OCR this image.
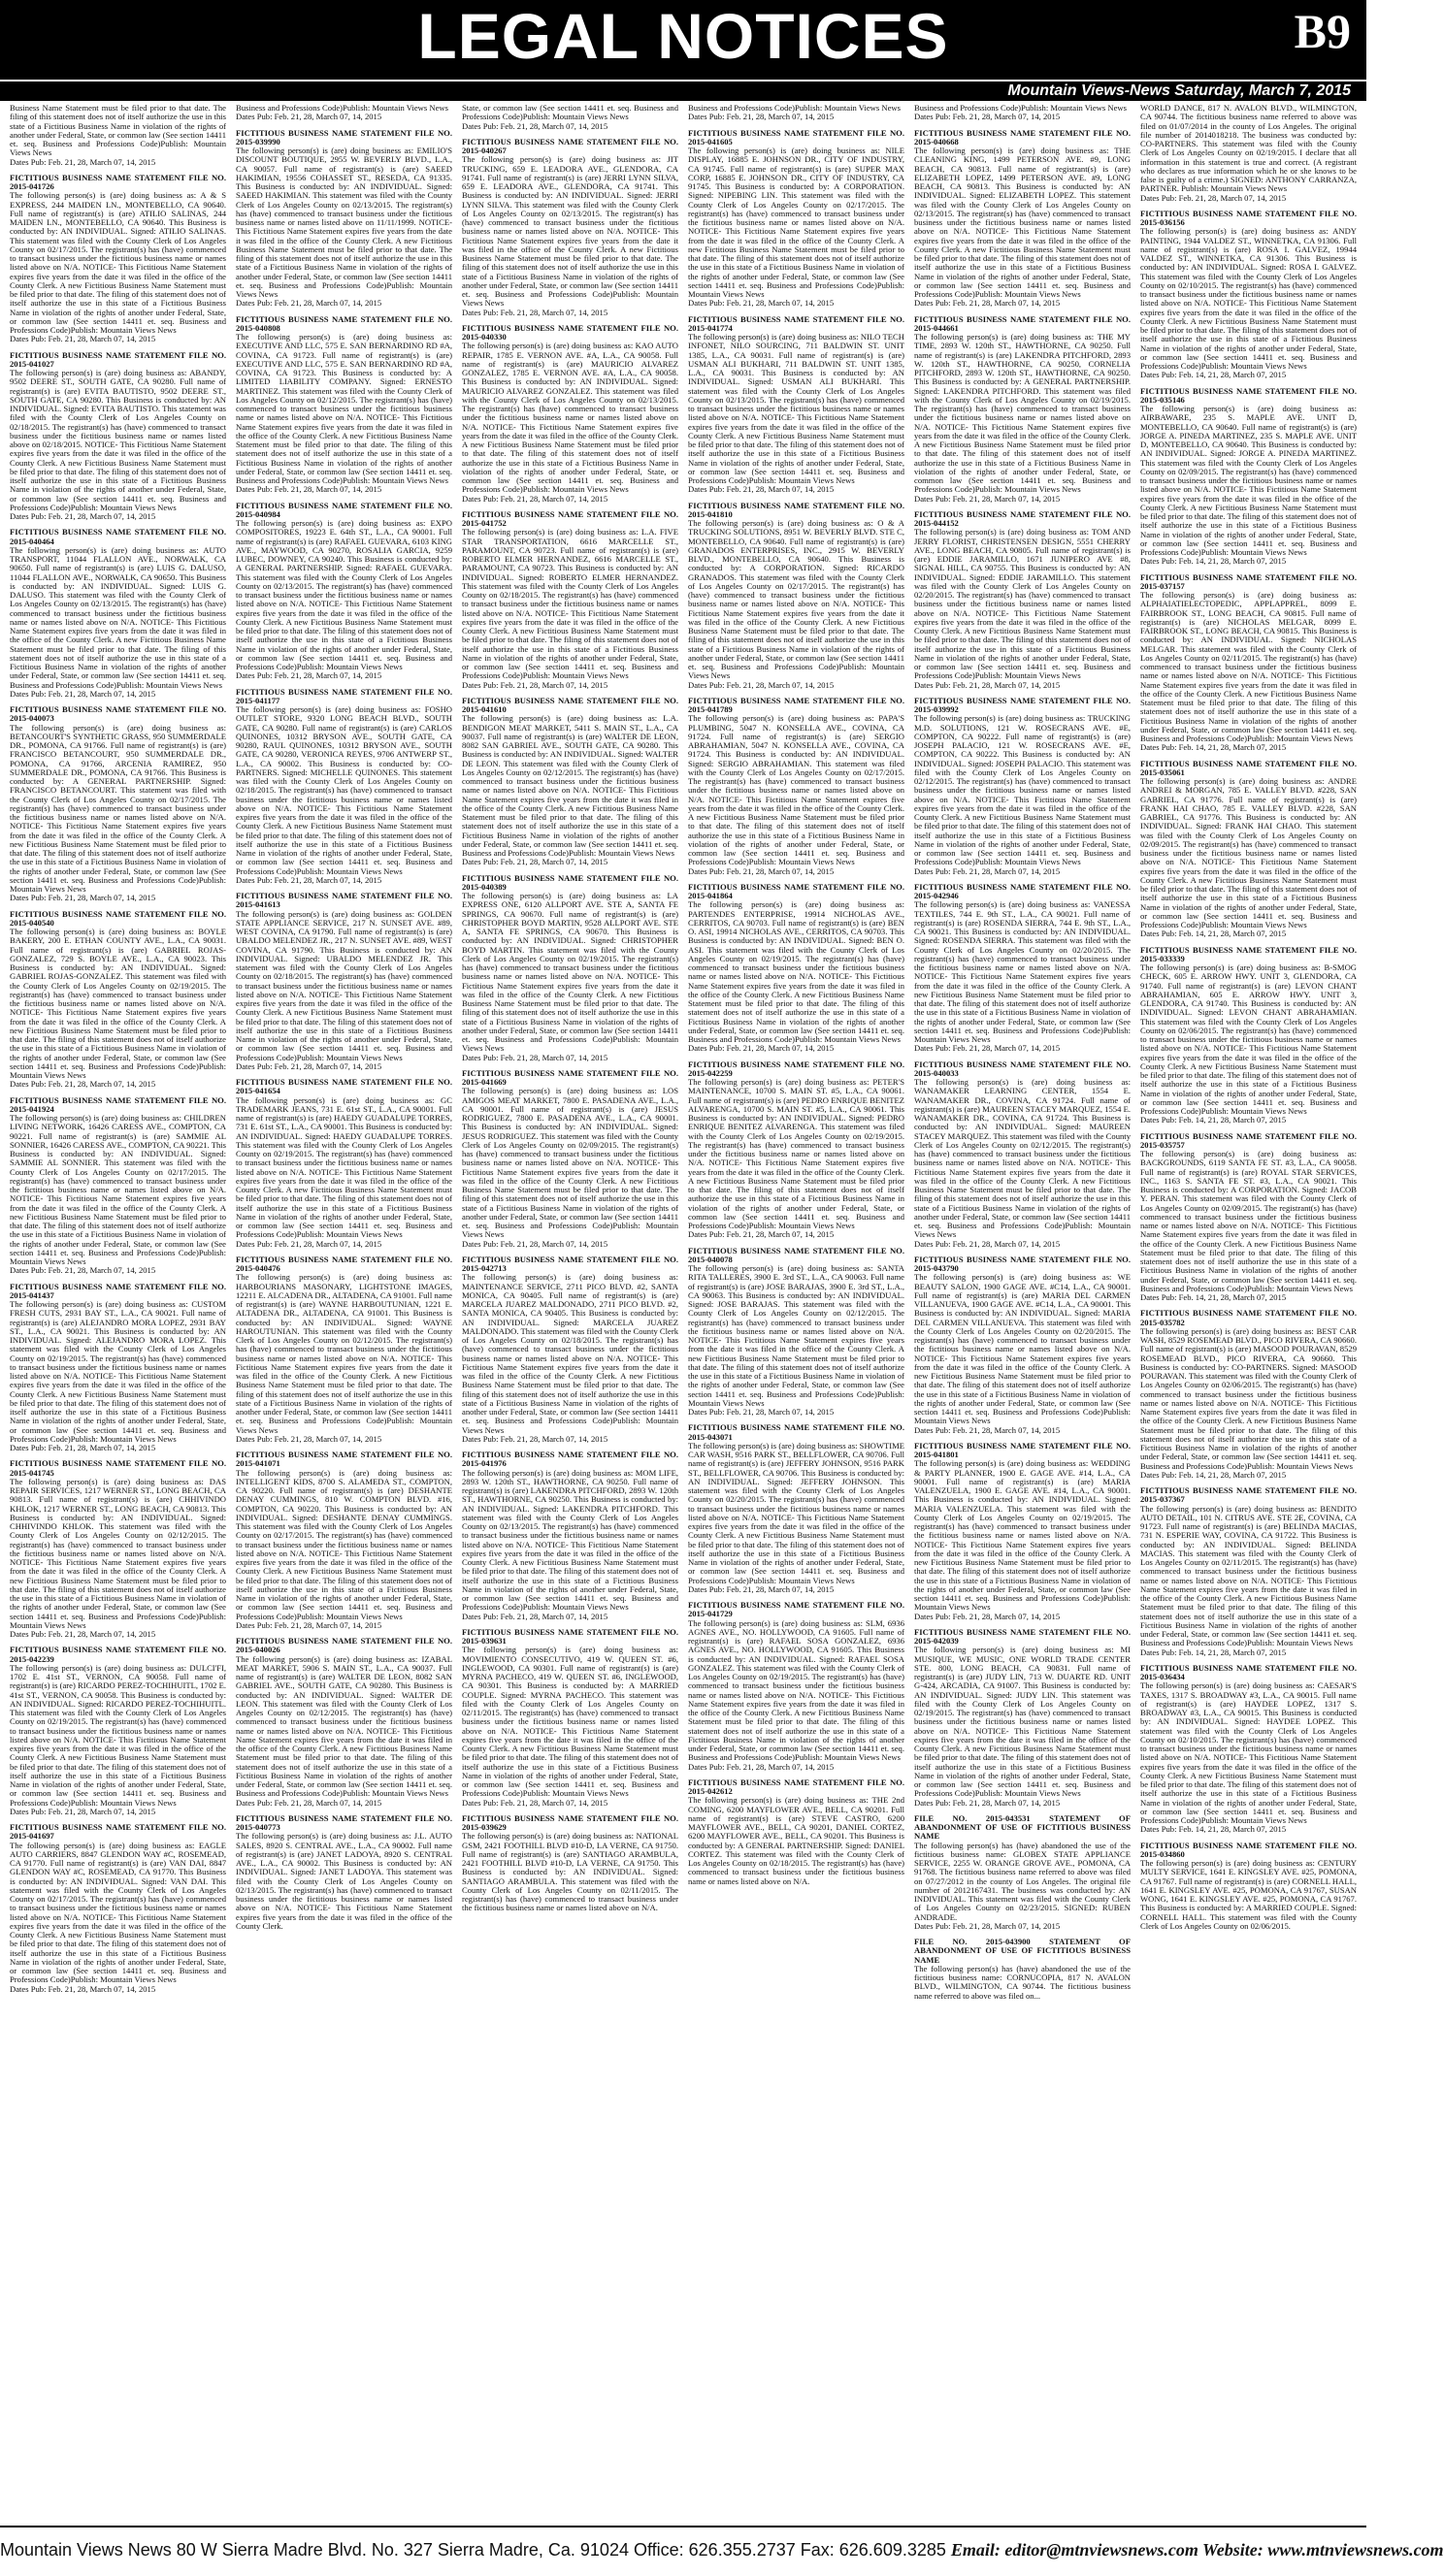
LEGAL NOTICES	B9
Mountain Views-News Saturday, March 7, 2015
Business Name Statement must be filed prior to that date. The filing of this statement does not of itself authorize the use in this state of a Fictitious Business Name in violation of the rights of another under Federal, State, or common law (See section 14411 et. seq. Business and Professions Code)Publish: Mountain Views News
Dates Pub: Feb. 21, 28, March 07, 14, 2015
FICTITIOUS BUSINESS NAME STATEMENT FILE NO. 2015-041726
The following person(s) is (are) doing business as: A & S EXPRESS, 244 MAIDEN LN., MONTEBELLO, CA 90640. Full name of registrant(s) is (are) ATILIO SALINAS, 244 MAIDEN LN., MONTEBELLO, CA 90640. This Business is conducted by: AN INDIVIDUAL. Signed: ATILIO SALINAS. This statement was filed with the County Clerk of Los Angeles County on 02/17/2015. The registrant(s) has (have) commenced to transact business under the fictitious business name or names listed above on N/A. NOTICE- This Fictitious Name Statement expires five years from the date it was filed in the office of the County Clerk. A new Fictitious Business Name Statement must be filed prior to that date. The filing of this statement does not of itself authorize the use in this state of a Fictitious Business Name in violation of the rights of another under Federal, State, or common law (See section 14411 et. seq. Business and Professions Code)Publish: Mountain Views News
Dates Pub: Feb. 21, 28, March 07, 14, 2015
FICTITIOUS BUSINESS NAME STATEMENT FILE NO. 2015-041027
The following person(s) is (are) doing business as: ABANDY, 9502 DEERE ST., SOUTH GATE, CA 90280. Full name of registrant(s) is (are) EVITA BAUTISTO, 9502 DEERE ST., SOUTH GATE, CA 90280. This Business is conducted by: AN INDIVIDUAL. Signed: EVITA BAUTISTO. This statement was filed with the County Clerk of Los Angeles County on 02/18/2015. The registrant(s) has (have) commenced to transact business under the fictitious business name or names listed above on 02/18/2015. NOTICE- This Fictitious Name Statement expires five years from the date it was filed in the office of the County Clerk. A new Fictitious Business Name Statement must be filed prior to that date. The filing of this statement does not of itself authorize the use in this state of a Fictitious Business Name in violation of the rights of another under Federal, State, or common law (See section 14411 et. seq. Business and Professions Code)Publish: Mountain Views News
Dates Pub: Feb. 21, 28, March 07, 14, 2015
FICTITIOUS BUSINESS NAME STATEMENT FILE NO. 2015-040464
The following person(s) is (are) doing business as: AUTO TRANSPORT, 11044 FLALLON AVE., NORWALK, CA 90650. Full name of registrant(s) is (are) LUIS G. DALUSO, 11044 FLALLON AVE., NORWALK, CA 90650. This Business is conducted by: AN INDIVIDUAL. Signed: LUIS G. DALUSO. This statement was filed with the County Clerk of Los Angeles County on 02/13/2015. The registrant(s) has (have) commenced to transact business under the fictitious business name or names listed above on N/A. NOTICE- This Fictitious Name Statement expires five years from the date it was filed in the office of the County Clerk. A new Fictitious Business Name Statement must be filed prior to that date. The filing of this statement does not of itself authorize the use in this state of a Fictitious Business Name in violation of the rights of another under Federal, State, or common law (See section 14411 et. seq. Business and Professions Code)Publish: Mountain Views News
Dates Pub: Feb. 21, 28, March 07, 14, 2015
FICTITIOUS BUSINESS NAME STATEMENT FILE NO. 2015-040073
The following person(s) is (are) doing business as: BETANCOURT'S SYNTHETIC GRASS, 950 SUMMERDALE DR., POMONA, CA 91766. Full name of registrant(s) is (are) FRANCISCO BETANCOURT, 950 SUMMERDALE DR., POMONA, CA 91766, ARCENIA RAMIREZ, 950 SUMMERDALE DR., POMONA, CA 91766. This Business is conducted by: A GENERAL PARTNERSHIP. Signed: FRANCISCO BETANCOURT. This statement was filed with the County Clerk of Los Angeles County on 02/17/2015. The registrant(s) has (have) commenced to transact business under the fictitious business name or names listed above on N/A. NOTICE- This Fictitious Name Statement expires five years from the date it was filed in the office of the County Clerk. A new Fictitious Business Name Statement must be filed prior to that date. The filing of this statement does not of itself authorize the use in this state of a Fictitious Business Name in violation of the rights of another under Federal, State, or common law (See section 14411 et. seq. Business and Professions Code)Publish: Mountain Views News
Dates Pub: Feb. 21, 28, March 07, 14, 2015
FICTITIOUS BUSINESS NAME STATEMENT FILE NO. 2015-040540
The following person(s) is (are) doing business as: BOYLE BAKERY, 200 E. ETHAN COUNTY AVE., L.A., CA 90031. Full name of registrant(s) is (are) GABRIEL ROJAS-GONZALEZ, 729 S. BOYLE AVE., L.A., CA 90023. This Business is conducted by: AN INDIVIDUAL. Signed: GABRIEL ROJAS-GONZALEZ. This statement was filed with the County Clerk of Los Angeles County on 02/19/2015. The registrant(s) has (have) commenced to transact business under the fictitious business name or names listed above on N/A. NOTICE- This Fictitious Name Statement expires five years from the date it was filed in the office of the County Clerk. A new Fictitious Business Name Statement must be filed prior to that date. The filing of this statement does not of itself authorize the use in this state of a Fictitious Business Name in violation of the rights of another under Federal, State, or common law (See section 14411 et. seq. Business and Professions Code)Publish: Mountain Views News
Dates Pub: Feb. 21, 28, March 07, 14, 2015
FICTITIOUS BUSINESS NAME STATEMENT FILE NO. 2015-041924
The following person(s) is (are) doing business as: CHILDREN LIVING NETWORK, 16426 CARESS AVE., COMPTON, CA 90221. Full name of registrant(s) is (are) SAMMIE AL SONNIER, 16426 CARESS AVE., COMPTON, CA 90221. This Business is conducted by: AN INDIVIDUAL. Signed: SAMMIE AL SONNIER. This statement was filed with the County Clerk of Los Angeles County on 02/17/2015. The registrant(s) has (have) commenced to transact business under the fictitious business name or names listed above on N/A. NOTICE- This Fictitious Name Statement expires five years from the date it was filed in the office of the County Clerk. A new Fictitious Business Name Statement must be filed prior to that date. The filing of this statement does not of itself authorize the use in this state of a Fictitious Business Name in violation of the rights of another under Federal, State, or common law (See section 14411 et. seq. Business and Professions Code)Publish: Mountain Views News
Dates Pub: Feb. 21, 28, March 07, 14, 2015
FICTITIOUS BUSINESS NAME STATEMENT FILE NO. 2015-041437
The following person(s) is (are) doing business as: CUSTOM FRESH CUTS, 2931 BAY ST., L.A., CA 90021. Full name of registrant(s) is (are) ALEJANDRO MORA LOPEZ, 2931 BAY ST., L.A., CA 90021. This Business is conducted by: AN INDIVIDUAL. Signed: ALEJANDRO MORA LOPEZ. This statement was filed with the County Clerk of Los Angeles County on 02/19/2015. The registrant(s) has (have) commenced to transact business under the fictitious business name or names listed above on N/A. NOTICE- This Fictitious Name Statement expires five years from the date it was filed in the office of the County Clerk. A new Fictitious Business Name Statement must be filed prior to that date. The filing of this statement does not of itself authorize the use in this state of a Fictitious Business Name in violation of the rights of another under Federal, State, or common law (See section 14411 et. seq. Business and Professions Code)Publish: Mountain Views News
Dates Pub: Feb. 21, 28, March 07, 14, 2015
FICTITIOUS BUSINESS NAME STATEMENT FILE NO. 2015-041745
The following person(s) is (are) doing business as: DAS REPAIR SERVICES, 1217 WERNER ST., LONG BEACH, CA 90813. Full name of registrant(s) is (are) CHHIVINDO KHLOK, 1217 WERNER ST., LONG BEACH, CA 90813. This Business is conducted by: AN INDIVIDUAL. Signed: CHHIVINDO KHLOK. This statement was filed with the County Clerk of Los Angeles County on 02/12/2015. The registrant(s) has (have) commenced to transact business under the fictitious business name or names listed above on N/A. NOTICE- This Fictitious Name Statement expires five years from the date it was filed in the office of the County Clerk. A new Fictitious Business Name Statement must be filed prior to that date. The filing of this statement does not of itself authorize the use in this state of a Fictitious Business Name in violation of the rights of another under Federal, State, or common law (See section 14411 et. seq. Business and Professions Code)Publish: Mountain Views News
Dates Pub: Feb. 21, 28, March 07, 14, 2015
FICTITIOUS BUSINESS NAME STATEMENT FILE NO. 2015-042239
The following person(s) is (are) doing business as: DULCI'FI, 1702 E. 41st ST., VERNON, CA 90058. Full name of registrant(s) is (are) RICARDO PEREZ-TOCHIHUITL, 1702 E. 41st ST., VERNON, CA 90058. This Business is conducted by: AN INDIVIDUAL. Signed: RICARDO PEREZ-TOCHIHUITL. This statement was filed with the County Clerk of Los Angeles County on 02/19/2015. The registrant(s) has (have) commenced to transact business under the fictitious business name or names listed above on N/A. NOTICE- This Fictitious Name Statement expires five years from the date it was filed in the office of the County Clerk. A new Fictitious Business Name Statement must be filed prior to that date. The filing of this statement does not of itself authorize the use in this state of a Fictitious Business Name in violation of the rights of another under Federal, State, or common law (See section 14411 et. seq. Business and Professions Code)Publish: Mountain Views News
Dates Pub: Feb. 21, 28, March 07, 14, 2015
FICTITIOUS BUSINESS NAME STATEMENT FILE NO. 2015-041697
The following person(s) is (are) doing business as: EAGLE AUTO CARRIERS, 8847 GLENDON WAY #C, ROSEMEAD, CA 91770. Full name of registrant(s) is (are) VAN DAI, 8847 GLENDON WAY #C, ROSEMEAD, CA 91770. This Business is conducted by: AN INDIVIDUAL. Signed: VAN DAI. This statement was filed with the County Clerk of Los Angeles County on 02/17/2015. The registrant(s) has (have) commenced to transact business under the fictitious business name or names listed above on N/A. NOTICE- This Fictitious Name Statement expires five years from the date it was filed in the office of the County Clerk. A new Fictitious Business Name Statement must be filed prior to that date. The filing of this statement does not of itself authorize the use in this state of a Fictitious Business Name in violation of the rights of another under Federal, State, or common law (See section 14411 et. seq. Business and Professions Code)Publish: Mountain Views News
Dates Pub: Feb. 21, 28, March 07, 14, 2015
Business and Professions Code)Publish: Mountain Views News
Dates Pub: Feb. 21, 28, March 07, 14, 2015
FICTITIOUS BUSINESS NAME STATEMENT FILE NO. 2015-039990
The following person(s) is (are) doing business as: EMILIO'S DISCOUNT BOUTIQUE, 2955 W. BEVERLY BLVD., L.A., CA 90057. Full name of registrant(s) is (are) SAEED HAKIMIAN, 19556 COHASSET ST., RESEDA, CA 91335. This Business is conducted by: AN INDIVIDUAL. Signed: SAEED HAKIMIAN. This statement was filed with the County Clerk of Los Angeles County on 02/13/2015. The registrant(s) has (have) commenced to transact business under the fictitious business name or names listed above on 11/11/1999. NOTICE- This Fictitious Name Statement expires five years from the date it was filed in the office of the County Clerk. A new Fictitious Business Name Statement must be filed prior to that date. The filing of this statement does not of itself authorize the use in this state of a Fictitious Business Name in violation of the rights of another under Federal, State, or common law (See section 14411 et. seq. Business and Professions Code)Publish: Mountain Views News
Dates Pub: Feb. 21, 28, March 07, 14, 2015
FICTITIOUS BUSINESS NAME STATEMENT FILE NO. 2015-040808
The following person(s) is (are) doing business as: EXECUTIVE AND LLC, 575 E. SAN BERNARDINO RD #A, COVINA, CA 91723. Full name of registrant(s) is (are) EXECUTIVE AND LLC, 575 E. SAN BERNARDINO RD #A, COVINA, CA 91723. This Business is conducted by: A LIMITED LIABILITY COMPANY. Signed: ERNESTO MARTINEZ. This statement was filed with the County Clerk of Los Angeles County on 02/12/2015. The registrant(s) has (have) commenced to transact business under the fictitious business name or names listed above on N/A. NOTICE- This Fictitious Name Statement expires five years from the date it was filed in the office of the County Clerk. A new Fictitious Business Name Statement must be filed prior to that date. The filing of this statement does not of itself authorize the use in this state of a Fictitious Business Name in violation of the rights of another under Federal, State, or common law (See section 14411 et. seq. Business and Professions Code)Publish: Mountain Views News
Dates Pub: Feb. 21, 28, March 07, 14, 2015
FICTITIOUS BUSINESS NAME STATEMENT FILE NO. 2015-040984
The following person(s) is (are) doing business as: EXPO COMPOSITORES, 19223 E. 64th ST., L.A., CA 90001. Full name of registrant(s) is (are) RAFAEL GUEVARA, 6103 KING AVE., MAYWOOD, CA 90270, ROSALIA GARCIA, 9259 LUBEC, DOWNEY, CA 90240. This Business is conducted by: A GENERAL PARTNERSHIP. Signed: RAFAEL GUEVARA. This statement was filed with the County Clerk of Los Angeles County on 02/13/2015. The registrant(s) has (have) commenced to transact business under the fictitious business name or names listed above on N/A. NOTICE- This Fictitious Name Statement expires five years from the date it was filed in the office of the County Clerk. A new Fictitious Business Name Statement must be filed prior to that date. The filing of this statement does not of itself authorize the use in this state of a Fictitious Business Name in violation of the rights of another under Federal, State, or common law (See section 14411 et. seq. Business and Professions Code)Publish: Mountain Views News
Dates Pub: Feb. 21, 28, March 07, 14, 2015
FICTITIOUS BUSINESS NAME STATEMENT FILE NO. 2015-041177
The following person(s) is (are) doing business as: FOSHO OUTLET STORE, 9320 LONG BEACH BLVD., SOUTH GATE, CA 90280. Full name of registrant(s) is (are) CARLOS QUINONES, 10312 BRYSON AVE., SOUTH GATE, CA 90280, RAUL QUINONES, 10312 BRYSON AVE., SOUTH GATE, CA 90280, VERONICA REYES, 9706 ANTWERP ST., L.A., CA 90002. This Business is conducted by: CO-PARTNERS. Signed: MICHELLE QUINONES. This statement was filed with the County Clerk of Los Angeles County on 02/18/2015. The registrant(s) has (have) commenced to transact business under the fictitious business name or names listed above on N/A. NOTICE- This Fictitious Name Statement expires five years from the date it was filed in the office of the County Clerk. A new Fictitious Business Name Statement must be filed prior to that date. The filing of this statement does not of itself authorize the use in this state of a Fictitious Business Name in violation of the rights of another under Federal, State, or common law (See section 14411 et. seq. Business and Professions Code)Publish: Mountain Views News
Dates Pub: Feb. 21, 28, March 07, 14, 2015
FICTITIOUS BUSINESS NAME STATEMENT FILE NO. 2015-041613
The following person(s) is (are) doing business as: GOLDEN STATE APPLIANCE SERVICE, 217 N. SUNSET AVE. #89, WEST COVINA, CA 91790. Full name of registrant(s) is (are) UBALDO MELENDEZ JR., 217 N. SUNSET AVE. #89, WEST COVINA, CA 91790. This Business is conducted by: AN INDIVIDUAL. Signed: UBALDO MELENDEZ JR. This statement was filed with the County Clerk of Los Angeles County on 02/18/2015. The registrant(s) has (have) commenced to transact business under the fictitious business name or names listed above on N/A. NOTICE- This Fictitious Name Statement expires five years from the date it was filed in the office of the County Clerk. A new Fictitious Business Name Statement must be filed prior to that date. The filing of this statement does not of itself authorize the use in this state of a Fictitious Business Name in violation of the rights of another under Federal, State, or common law (See section 14411 et. seq. Business and Professions Code)Publish: Mountain Views News
Dates Pub: Feb. 21, 28, March 07, 14, 2015
FICTITIOUS BUSINESS NAME STATEMENT FILE NO. 2015-041654
The following person(s) is (are) doing business as: GC TRADEMARK JEANS, 731 E. 61st ST., L.A., CA 90001. Full name of registrant(s) is (are) HAEDY GUADALUPE TORRES, 731 E. 61st ST., L.A., CA 90001. This Business is conducted by: AN INDIVIDUAL. Signed: HAEDY GUADALUPE TORRES. This statement was filed with the County Clerk of Los Angeles County on 02/19/2015. The registrant(s) has (have) commenced to transact business under the fictitious business name or names listed above on N/A. NOTICE- This Fictitious Name Statement expires five years from the date it was filed in the office of the County Clerk. A new Fictitious Business Name Statement must be filed prior to that date. The filing of this statement does not of itself authorize the use in this state of a Fictitious Business Name in violation of the rights of another under Federal, State, or common law (See section 14411 et. seq. Business and Professions Code)Publish: Mountain Views News
Dates Pub: Feb. 21, 28, March 07, 14, 2015
FICTITIOUS BUSINESS NAME STATEMENT FILE NO. 2015-040476
The following person(s) is (are) doing business as: HARBOURIANS MASONARY, LIGHTSTONE IMAGES, 12211 E. ALCADENA DR., ALTADENA, CA 91001. Full name of registrant(s) is (are) WAYNE HARBOUTUNIAN, 1221 E. ALTADENA DR., ALTADENA, CA 91001. This Business is conducted by: AN INDIVIDUAL. Signed: WAYNE HAROUTUNIAN. This statement was filed with the County Clerk of Los Angeles County on 02/12/2015. The registrant(s) has (have) commenced to transact business under the fictitious business name or names listed above on N/A. NOTICE- This Fictitious Name Statement expires five years from the date it was filed in the office of the County Clerk. A new Fictitious Business Name Statement must be filed prior to that date. The filing of this statement does not of itself authorize the use in this state of a Fictitious Business Name in violation of the rights of another under Federal, State, or common law (See section 14411 et. seq. Business and Professions Code)Publish: Mountain Views News
Dates Pub: Feb. 21, 28, March 07, 14, 2015
FICTITIOUS BUSINESS NAME STATEMENT FILE NO. 2015-041071
The following person(s) is (are) doing business as: INTELLIGENT KIDS, 8700 S. ALAMEDA ST., COMPTON, CA 90220. Full name of registrant(s) is (are) DESHANTE DENAY CUMMINGS, 810 W. COMPTON BLVD. #16, COMPTON, CA 90220. This Business is conducted by: AN INDIVIDUAL. Signed: DESHANTE DENAY CUMMINGS. This statement was filed with the County Clerk of Los Angeles County on 02/17/2015. The registrant(s) has (have) commenced to transact business under the fictitious business name or names listed above on N/A. NOTICE- This Fictitious Name Statement expires five years from the date it was filed in the office of the County Clerk. A new Fictitious Business Name Statement must be filed prior to that date. The filing of this statement does not of itself authorize the use in this state of a Fictitious Business Name in violation of the rights of another under Federal, State, or common law (See section 14411 et. seq. Business and Professions Code)Publish: Mountain Views News
Dates Pub: Feb. 21, 28, March 07, 14, 2015
FICTITIOUS BUSINESS NAME STATEMENT FILE NO. 2015-040026
The following person(s) is (are) doing business as: IZABAL MEAT MARKET, 5906 S. MAIN ST., L.A., CA 90037. Full name of registrant(s) is (are) WALTER DE LEON, 8082 SAN GABRIEL AVE., SOUTH GATE, CA 90280. This Business is conducted by: AN INDIVIDUAL. Signed: WALTER DE LEON. This statement was filed with the County Clerk of Los Angeles County on 02/12/2015. The registrant(s) has (have) commenced to transact business under the fictitious business name or names listed above on N/A. NOTICE- This Fictitious Name Statement expires five years from the date it was filed in the office of the County Clerk. A new Fictitious Business Name Statement must be filed prior to that date. The filing of this statement does not of itself authorize the use in this state of a Fictitious Business Name in violation of the rights of another under Federal, State, or common law (See section 14411 et. seq. Business and Professions Code)Publish: Mountain Views News
Dates Pub: Feb. 21, 28, March 07, 14, 2015
FICTITIOUS BUSINESS NAME STATEMENT FILE NO. 2015-040773
The following person(s) is (are) doing business as: J.L. AUTO SALES, 8920 S. CENTRAL AVE., L.A., CA 90002. Full name of registrant(s) is (are) JANET LADOYA, 8920 S. CENTRAL AVE., L.A., CA 90002. This Business is conducted by: AN INDIVIDUAL. Signed: JANET LADOYA. This statement was filed with the County Clerk of Los Angeles County on 02/13/2015. The registrant(s) has (have) commenced to transact business under the fictitious business name or names listed above on N/A. NOTICE- This Fictitious Name Statement expires five years from the date it was filed in the office of the County Clerk.
State, or common law (See section 14411 et. seq. Business and Professions Code)Publish: Mountain Views News
Dates Pub: Feb. 21, 28, March 07, 14, 2015
FICTITIOUS BUSINESS NAME STATEMENT FILE NO. 2015-040267
The following person(s) is (are) doing business as: JIT TRUCKING, 659 E. LEADORA AVE., GLENDORA, CA 91741. Full name of registrant(s) is (are) JERRI LYNN SILVA, 659 E. LEADORA AVE., GLENDORA, CA 91741. This Business is conducted by: AN INDIVIDUAL. Signed: JERRI LYNN SILVA. This statement was filed with the County Clerk of Los Angeles County on 02/13/2015. The registrant(s) has (have) commenced to transact business under the fictitious business name or names listed above on N/A. NOTICE- This Fictitious Name Statement expires five years from the date it was filed in the office of the County Clerk. A new Fictitious Business Name Statement must be filed prior to that date. The filing of this statement does not of itself authorize the use in this state of a Fictitious Business Name in violation of the rights of another under Federal, State, or common law (See section 14411 et. seq. Business and Professions Code)Publish: Mountain Views News
Dates Pub: Feb. 21, 28, March 07, 14, 2015
FICTITIOUS BUSINESS NAME STATEMENT FILE NO. 2015-040330
The following person(s) is (are) doing business as: KAO AUTO REPAIR, 1785 E. VERNON AVE. #A, L.A., CA 90058. Full name of registrant(s) is (are) MAURICIO ALVAREZ GONZALEZ, 1785 E. VERNON AVE. #A, L.A., CA 90058. This Business is conducted by: AN INDIVIDUAL. Signed: MAURICIO ALVAREZ GONZALEZ. This statement was filed with the County Clerk of Los Angeles County on 02/13/2015. The registrant(s) has (have) commenced to transact business under the fictitious business name or names listed above on N/A. NOTICE- This Fictitious Name Statement expires five years from the date it was filed in the office of the County Clerk. A new Fictitious Business Name Statement must be filed prior to that date. The filing of this statement does not of itself authorize the use in this state of a Fictitious Business Name in violation of the rights of another under Federal, State, or common law (See section 14411 et. seq. Business and Professions Code)Publish: Mountain Views News
Dates Pub: Feb. 21, 28, March 07, 14, 2015
FICTITIOUS BUSINESS NAME STATEMENT FILE NO. 2015-041752
The following person(s) is (are) doing business as: L.A. FIVE STAR TRANSPORTATION, 6616 MARCELLE ST., PARAMOUNT, CA 90723. Full name of registrant(s) is (are) ROBERTO ELMER HERNANDEZ, 6616 MARCELLE ST., PARAMOUNT, CA 90723. This Business is conducted by: AN INDIVIDUAL. Signed: ROBERTO ELMER HERNANDEZ. This statement was filed with the County Clerk of Los Angeles County on 02/18/2015. The registrant(s) has (have) commenced to transact business under the fictitious business name or names listed above on N/A. NOTICE- This Fictitious Name Statement expires five years from the date it was filed in the office of the County Clerk. A new Fictitious Business Name Statement must be filed prior to that date. The filing of this statement does not of itself authorize the use in this state of a Fictitious Business Name in violation of the rights of another under Federal, State, or common law (See section 14411 et. seq. Business and Professions Code)Publish: Mountain Views News
Dates Pub: Feb. 21, 28, March 07, 14, 2015
FICTITIOUS BUSINESS NAME STATEMENT FILE NO. 2015-041610
The following person(s) is (are) doing business as: L.A. BENDIGON MEAT MARKET, 5411 S. MAIN ST., L.A., CA 90037. Full name of registrant(s) is (are) WALTER DE LEON, 8082 SAN GABRIEL AVE., SOUTH GATE, CA 90280. This Business is conducted by: AN INDIVIDUAL. Signed: WALTER DE LEON. This statement was filed with the County Clerk of Los Angeles County on 02/12/2015. The registrant(s) has (have) commenced to transact business under the fictitious business name or names listed above on N/A. NOTICE- This Fictitious Name Statement expires five years from the date it was filed in the office of the County Clerk. A new Fictitious Business Name Statement must be filed prior to that date. The filing of this statement does not of itself authorize the use in this state of a Fictitious Business Name in violation of the rights of another under Federal, State, or common law (See section 14411 et. seq. Business and Professions Code)Publish: Mountain Views News
Dates Pub: Feb. 21, 28, March 07, 14, 2015
FICTITIOUS BUSINESS NAME STATEMENT FILE NO. 2015-040389
The following person(s) is (are) doing business as: LA EXPRESS ONE, 6120 ALLPORT AVE. STE A, SANTA FE SPRINGS, CA 90670. Full name of registrant(s) is (are) CHRISTOPHER BOYD MARTIN, 9528 ALLPORT AVE. STE A, SANTA FE SPRINGS, CA 90670. This Business is conducted by: AN INDIVIDUAL. Signed: CHRISTOPHER BOYD MARTIN. This statement was filed with the County Clerk of Los Angeles County on 02/19/2015. The registrant(s) has (have) commenced to transact business under the fictitious business name or names listed above on N/A. NOTICE- This Fictitious Name Statement expires five years from the date it was filed in the office of the County Clerk. A new Fictitious Business Name Statement must be filed prior to that date. The filing of this statement does not of itself authorize the use in this state of a Fictitious Business Name in violation of the rights of another under Federal, State, or common law (See section 14411 et. seq. Business and Professions Code)Publish: Mountain Views News
Dates Pub: Feb. 21, 28, March 07, 14, 2015
FICTITIOUS BUSINESS NAME STATEMENT FILE NO. 2015-041669
The following person(s) is (are) doing business as: LOS AMIGOS MEAT MARKET, 7800 E. PASADENA AVE., L.A., CA 90001. Full name of registrant(s) is (are) JESUS RODRIGUEZ, 7800 E. PASADENA AVE., L.A., CA 90001. This Business is conducted by: AN INDIVIDUAL. Signed: JESUS RODRIGUEZ. This statement was filed with the County Clerk of Los Angeles County on 02/09/2015. The registrant(s) has (have) commenced to transact business under the fictitious business name or names listed above on N/A. NOTICE- This Fictitious Name Statement expires five years from the date it was filed in the office of the County Clerk. A new Fictitious Business Name Statement must be filed prior to that date. The filing of this statement does not of itself authorize the use in this state of a Fictitious Business Name in violation of the rights of another under Federal, State, or common law (See section 14411 et. seq. Business and Professions Code)Publish: Mountain Views News
Dates Pub: Feb. 21, 28, March 07, 14, 2015
FICTITIOUS BUSINESS NAME STATEMENT FILE NO. 2015-042713
The following person(s) is (are) doing business as: MAINTENANCE SERVICE, 2711 PICO BLVD. #2, SANTA MONICA, CA 90405. Full name of registrant(s) is (are) MARCELA JUAREZ MALDONADO, 2711 PICO BLVD. #2, SANTA MONICA, CA 90405. This Business is conducted by: AN INDIVIDUAL. Signed: MARCELA JUAREZ MALDONADO. This statement was filed with the County Clerk of Los Angeles County on 02/18/2015. The registrant(s) has (have) commenced to transact business under the fictitious business name or names listed above on N/A. NOTICE- This Fictitious Name Statement expires five years from the date it was filed in the office of the County Clerk. A new Fictitious Business Name Statement must be filed prior to that date. The filing of this statement does not of itself authorize the use in this state of a Fictitious Business Name in violation of the rights of another under Federal, State, or common law (See section 14411 et. seq. Business and Professions Code)Publish: Mountain Views News
Dates Pub: Feb. 21, 28, March 07, 14, 2015
FICTITIOUS BUSINESS NAME STATEMENT FILE NO. 2015-041976
The following person(s) is (are) doing business as: MOM LIFE, 2893 W. 120th ST., HAWTHORNE, CA 90250. Full name of registrant(s) is (are) LAKENDRA PITCHFORD, 2893 W. 120th ST., HAWTHORNE, CA 90250. This Business is conducted by: AN INDIVIDUAL. Signed: LAKENDRA PITCHFORD. This statement was filed with the County Clerk of Los Angeles County on 02/13/2015. The registrant(s) has (have) commenced to transact business under the fictitious business name or names listed above on N/A. NOTICE- This Fictitious Name Statement expires five years from the date it was filed in the office of the County Clerk. A new Fictitious Business Name Statement must be filed prior to that date. The filing of this statement does not of itself authorize the use in this state of a Fictitious Business Name in violation of the rights of another under Federal, State, or common law (See section 14411 et. seq. Business and Professions Code)Publish: Mountain Views News
Dates Pub: Feb. 21, 28, March 07, 14, 2015
FICTITIOUS BUSINESS NAME STATEMENT FILE NO. 2015-039631
The following person(s) is (are) doing business as: MOVIMIENTO CONSECUTIVO, 419 W. QUEEN ST. #6, INGLEWOOD, CA 90301. Full name of registrant(s) is (are) MYRNA PACHECO, 419 W. QUEEN ST. #6, INGLEWOOD, CA 90301. This Business is conducted by: A MARRIED COUPLE. Signed: MYRNA PACHECO. This statement was filed with the County Clerk of Los Angeles County on 02/11/2015. The registrant(s) has (have) commenced to transact business under the fictitious business name or names listed above on N/A. NOTICE- This Fictitious Name Statement expires five years from the date it was filed in the office of the County Clerk. A new Fictitious Business Name Statement must be filed prior to that date. The filing of this statement does not of itself authorize the use in this state of a Fictitious Business Name in violation of the rights of another under Federal, State, or common law (See section 14411 et. seq. Business and Professions Code)Publish: Mountain Views News
Dates Pub: Feb. 21, 28, March 07, 14, 2015
FICTITIOUS BUSINESS NAME STATEMENT FILE NO. 2015-039629
The following person(s) is (are) doing business as: NATIONAL GSM, 2421 FOOTHILL BLVD #10-D, LA VERNE, CA 91750. Full name of registrant(s) is (are) SANTIAGO ARAMBULA, 2421 FOOTHILL BLVD #10-D, LA VERNE, CA 91750. This Business is conducted by: AN INDIVIDUAL. Signed: SANTIAGO ARAMBULA. This statement was filed with the County Clerk of Los Angeles County on 02/11/2015. The registrant(s) has (have) commenced to transact business under the fictitious business name or names listed above on N/A.
Business and Professions Code)Publish: Mountain Views News
Dates Pub: Feb. 21, 28, March 07, 14, 2015
FICTITIOUS BUSINESS NAME STATEMENT FILE NO. 2015-041605
The following person(s) is (are) doing business as: NILE DISPLAY, 16885 E. JOHNSON DR., CITY OF INDUSTRY, CA 91745. Full name of registrant(s) is (are) SUPER MAX CORP, 16885 E. JOHNSON DR., CITY OF INDUSTRY, CA 91745. This Business is conducted by: A CORPORATION. Signed: NIPEBING LIN. This statement was filed with the County Clerk of Los Angeles County on 02/17/2015. The registrant(s) has (have) commenced to transact business under the fictitious business name or names listed above on N/A. NOTICE- This Fictitious Name Statement expires five years from the date it was filed in the office of the County Clerk. A new Fictitious Business Name Statement must be filed prior to that date. The filing of this statement does not of itself authorize the use in this state of a Fictitious Business Name in violation of the rights of another under Federal, State, or common law (See section 14411 et. seq. Business and Professions Code)Publish: Mountain Views News
Dates Pub: Feb. 21, 28, March 07, 14, 2015
FICTITIOUS BUSINESS NAME STATEMENT FILE NO. 2015-041774
The following person(s) is (are) doing business as: NILO TECH INFONET, NILO SOURCING, 711 BALDWIN ST. UNIT 1385, L.A., CA 90031. Full name of registrant(s) is (are) USMAN ALI BUKHARI, 711 BALDWIN ST. UNIT 1385, L.A., CA 90031. This Business is conducted by: AN INDIVIDUAL. Signed: USMAN ALI BUKHARI. This statement was filed with the County Clerk of Los Angeles County on 02/13/2015. The registrant(s) has (have) commenced to transact business under the fictitious business name or names listed above on N/A. NOTICE- This Fictitious Name Statement expires five years from the date it was filed in the office of the County Clerk. A new Fictitious Business Name Statement must be filed prior to that date. The filing of this statement does not of itself authorize the use in this state of a Fictitious Business Name in violation of the rights of another under Federal, State, or common law (See section 14411 et. seq. Business and Professions Code)Publish: Mountain Views News
Dates Pub: Feb. 21, 28, March 07, 14, 2015
FICTITIOUS BUSINESS NAME STATEMENT FILE NO. 2015-041810
The following person(s) is (are) doing business as: O & A TRUCKING SOLUTIONS, 8951 W. BEVERLY BLVD. STE C, MONTEBELLO, CA 90640. Full name of registrant(s) is (are) GRANADOS ENTERPRISES, INC., 2915 W. BEVERLY BLVD., MONTEBELLO, CA 90640. This Business is conducted by: A CORPORATION. Signed: RICARDO GRANADOS. This statement was filed with the County Clerk of Los Angeles County on 02/17/2015. The registrant(s) has (have) commenced to transact business under the fictitious business name or names listed above on N/A. NOTICE- This Fictitious Name Statement expires five years from the date it was filed in the office of the County Clerk. A new Fictitious Business Name Statement must be filed prior to that date. The filing of this statement does not of itself authorize the use in this state of a Fictitious Business Name in violation of the rights of another under Federal, State, or common law (See section 14411 et. seq. Business and Professions Code)Publish: Mountain Views News
Dates Pub: Feb. 21, 28, March 07, 14, 2015
FICTITIOUS BUSINESS NAME STATEMENT FILE NO. 2015-041789
The following person(s) is (are) doing business as: PAPA'S PLUMBING, 5047 N. KONSELLA AVE., COVINA, CA 91724. Full name of registrant(s) is (are) SERGIO ABRAHAMIAN, 5047 N. KONSELLA AVE., COVINA, CA 91724. This Business is conducted by: AN INDIVIDUAL. Signed: SERGIO ABRAHAMIAN. This statement was filed with the County Clerk of Los Angeles County on 02/17/2015. The registrant(s) has (have) commenced to transact business under the fictitious business name or names listed above on N/A. NOTICE- This Fictitious Name Statement expires five years from the date it was filed in the office of the County Clerk. A new Fictitious Business Name Statement must be filed prior to that date. The filing of this statement does not of itself authorize the use in this state of a Fictitious Business Name in violation of the rights of another under Federal, State, or common law (See section 14411 et. seq. Business and Professions Code)Publish: Mountain Views News
Dates Pub: Feb. 21, 28, March 07, 14, 2015
FICTITIOUS BUSINESS NAME STATEMENT FILE NO. 2015-041864
The following person(s) is (are) doing business as: PARTENDES ENTERPRISE, 19914 NICHOLAS AVE., CERRITOS, CA 90703. Full name of registrant(s) is (are) BEN O. ASI, 19914 NICHOLAS AVE., CERRITOS, CA 90703. This Business is conducted by: AN INDIVIDUAL. Signed: BEN O. ASI. This statement was filed with the County Clerk of Los Angeles County on 02/19/2015. The registrant(s) has (have) commenced to transact business under the fictitious business name or names listed above on N/A. NOTICE- This Fictitious Name Statement expires five years from the date it was filed in the office of the County Clerk. A new Fictitious Business Name Statement must be filed prior to that date. The filing of this statement does not of itself authorize the use in this state of a Fictitious Business Name in violation of the rights of another under Federal, State, or common law (See section 14411 et. seq. Business and Professions Code)Publish: Mountain Views News
Dates Pub: Feb. 21, 28, March 07, 14, 2015
FICTITIOUS BUSINESS NAME STATEMENT FILE NO. 2015-042259
The following person(s) is (are) doing business as: PETER'S MAINTENANCE, 10700 S. MAIN ST. #5, L.A., CA 90061. Full name of registrant(s) is (are) PEDRO ENRIQUE BENITEZ ALVARENGA, 10700 S. MAIN ST. #5, L.A., CA 90061. This Business is conducted by: AN INDIVIDUAL. Signed: PEDRO ENRIQUE BENITEZ ALVARENGA. This statement was filed with the County Clerk of Los Angeles County on 02/19/2015. The registrant(s) has (have) commenced to transact business under the fictitious business name or names listed above on N/A. NOTICE- This Fictitious Name Statement expires five years from the date it was filed in the office of the County Clerk. A new Fictitious Business Name Statement must be filed prior to that date. The filing of this statement does not of itself authorize the use in this state of a Fictitious Business Name in violation of the rights of another under Federal, State, or common law (See section 14411 et. seq. Business and Professions Code)Publish: Mountain Views News
Dates Pub: Feb. 21, 28, March 07, 14, 2015
FICTITIOUS BUSINESS NAME STATEMENT FILE NO. 2015-040078
The following person(s) is (are) doing business as: SANTA RITA TALLERES, 3900 E. 3rd ST., L.A., CA 90063. Full name of registrant(s) is (are) JOSE BARAJAS, 3900 E. 3rd ST., L.A., CA 90063. This Business is conducted by: AN INDIVIDUAL. Signed: JOSE BARAJAS. This statement was filed with the County Clerk of Los Angeles County on 02/12/2015. The registrant(s) has (have) commenced to transact business under the fictitious business name or names listed above on N/A. NOTICE- This Fictitious Name Statement expires five years from the date it was filed in the office of the County Clerk. A new Fictitious Business Name Statement must be filed prior to that date. The filing of this statement does not of itself authorize the use in this state of a Fictitious Business Name in violation of the rights of another under Federal, State, or common law (See section 14411 et. seq. Business and Professions Code)Publish: Mountain Views News
Dates Pub: Feb. 21, 28, March 07, 14, 2015
FICTITIOUS BUSINESS NAME STATEMENT FILE NO. 2015-043071
The following person(s) is (are) doing business as: SHOWTIME CAR WASH, 9516 PARK ST., BELLFLOWER, CA 90706. Full name of registrant(s) is (are) JEFFERY JOHNSON, 9516 PARK ST., BELLFLOWER, CA 90706. This Business is conducted by: AN INDIVIDUAL. Signed: JEFFERY JOHNSON. This statement was filed with the County Clerk of Los Angeles County on 02/20/2015. The registrant(s) has (have) commenced to transact business under the fictitious business name or names listed above on N/A. NOTICE- This Fictitious Name Statement expires five years from the date it was filed in the office of the County Clerk. A new Fictitious Business Name Statement must be filed prior to that date. The filing of this statement does not of itself authorize the use in this state of a Fictitious Business Name in violation of the rights of another under Federal, State, or common law (See section 14411 et. seq. Business and Professions Code)Publish: Mountain Views News
Dates Pub: Feb. 21, 28, March 07, 14, 2015
FICTITIOUS BUSINESS NAME STATEMENT FILE NO. 2015-041729
The following person(s) is (are) doing business as: SLM, 6936 AGNES AVE., NO. HOLLYWOOD, CA 91605. Full name of registrant(s) is (are) RAFAEL SOSA GONZALEZ, 6936 AGNES AVE., NO. HOLLYWOOD, CA 91605. This Business is conducted by: AN INDIVIDUAL. Signed: RAFAEL SOSA GONZALEZ. This statement was filed with the County Clerk of Los Angeles County on 02/19/2015. The registrant(s) has (have) commenced to transact business under the fictitious business name or names listed above on N/A. NOTICE- This Fictitious Name Statement expires five years from the date it was filed in the office of the County Clerk. A new Fictitious Business Name Statement must be filed prior to that date. The filing of this statement does not of itself authorize the use in this state of a Fictitious Business Name in violation of the rights of another under Federal, State, or common law (See section 14411 et. seq. Business and Professions Code)Publish: Mountain Views News
Dates Pub: Feb. 21, 28, March 07, 14, 2015
FICTITIOUS BUSINESS NAME STATEMENT FILE NO. 2015-042612
The following person(s) is (are) doing business as: THE 2nd COMING, 6200 MAYFLOWER AVE., BELL, CA 90201. Full name of registrant(s) is (are) STEVE CASTRO, 6200 MAYFLOWER AVE., BELL, CA 90201, DANIEL CORTEZ, 6200 MAYFLOWER AVE., BELL, CA 90201. This Business is conducted by: A GENERAL PARTNERSHIP. Signed: DANIEL CORTEZ. This statement was filed with the County Clerk of Los Angeles County on 02/18/2015. The registrant(s) has (have) commenced to transact business under the fictitious business name or names listed above on N/A.
Business and Professions Code)Publish: Mountain Views News
Dates Pub: Feb. 21, 28, March 07, 14, 2015
FICTITIOUS BUSINESS NAME STATEMENT FILE NO. 2015-040668
The following person(s) is (are) doing business as: THE CLEANING KING, 1499 PETERSON AVE. #9, LONG BEACH, CA 90813. Full name of registrant(s) is (are) ELIZABETH LOPEZ, 1499 PETERSON AVE. #9, LONG BEACH, CA 90813. This Business is conducted by: AN INDIVIDUAL. Signed: ELIZABETH LOPEZ. This statement was filed with the County Clerk of Los Angeles County on 02/13/2015. The registrant(s) has (have) commenced to transact business under the fictitious business name or names listed above on N/A. NOTICE- This Fictitious Name Statement expires five years from the date it was filed in the office of the County Clerk. A new Fictitious Business Name Statement must be filed prior to that date. The filing of this statement does not of itself authorize the use in this state of a Fictitious Business Name in violation of the rights of another under Federal, State, or common law (See section 14411 et. seq. Business and Professions Code)Publish: Mountain Views News
Dates Pub: Feb. 21, 28, March 07, 14, 2015
FICTITIOUS BUSINESS NAME STATEMENT FILE NO. 2015-044661
The following person(s) is (are) doing business as: THE MY TIME, 2893 W. 120th ST., HAWTHORNE, CA 90250. Full name of registrant(s) is (are) LAKENDRA PITCHFORD, 2893 W. 120th ST., HAWTHORNE, CA 90250, CORNELIA PITCHFORD, 2893 W. 120th ST., HAWTHORNE, CA 90250. This Business is conducted by: A GENERAL PARTNERSHIP. Signed: LAKENDRA PITCHFORD. This statement was filed with the County Clerk of Los Angeles County on 02/19/2015. The registrant(s) has (have) commenced to transact business under the fictitious business name or names listed above on N/A. NOTICE- This Fictitious Name Statement expires five years from the date it was filed in the office of the County Clerk. A new Fictitious Business Name Statement must be filed prior to that date. The filing of this statement does not of itself authorize the use in this state of a Fictitious Business Name in violation of the rights of another under Federal, State, or common law (See section 14411 et. seq. Business and Professions Code)Publish: Mountain Views News
Dates Pub: Feb. 21, 28, March 07, 14, 2015
FICTITIOUS BUSINESS NAME STATEMENT FILE NO. 2015-044152
The following person(s) is (are) doing business as: TOM AND JERRY FLORIST, CHRISTENSEN DESIGN, 5551 CHERRY AVE., LONG BEACH, CA 90805. Full name of registrant(s) is (are) EDDIE JARAMILLO, 1671 JUNIPERO AVE #8, SIGNAL HILL, CA 90755. This Business is conducted by: AN INDIVIDUAL. Signed: EDDIE JARAMILLO. This statement was filed with the County Clerk of Los Angeles County on 02/20/2015. The registrant(s) has (have) commenced to transact business under the fictitious business name or names listed above on N/A. NOTICE- This Fictitious Name Statement expires five years from the date it was filed in the office of the County Clerk. A new Fictitious Business Name Statement must be filed prior to that date. The filing of this statement does not of itself authorize the use in this state of a Fictitious Business Name in violation of the rights of another under Federal, State, or common law (See section 14411 et. seq. Business and Professions Code)Publish: Mountain Views News
Dates Pub: Feb. 21, 28, March 07, 14, 2015
FICTITIOUS BUSINESS NAME STATEMENT FILE NO. 2015-039992
The following person(s) is (are) doing business as: TRUCKING M.D. SOLUTIONS, 121 W. ROSECRANS AVE. #E, COMPTON, CA 90222. Full name of registrant(s) is (are) JOSEPH PALACIO, 121 W. ROSECRANS AVE. #E, COMPTON, CA 90222. This Business is conducted by: AN INDIVIDUAL. Signed: JOSEPH PALACIO. This statement was filed with the County Clerk of Los Angeles County on 02/12/2015. The registrant(s) has (have) commenced to transact business under the fictitious business name or names listed above on N/A. NOTICE- This Fictitious Name Statement expires five years from the date it was filed in the office of the County Clerk. A new Fictitious Business Name Statement must be filed prior to that date. The filing of this statement does not of itself authorize the use in this state of a Fictitious Business Name in violation of the rights of another under Federal, State, or common law (See section 14411 et. seq. Business and Professions Code)Publish: Mountain Views News
Dates Pub: Feb. 21, 28, March 07, 14, 2015
FICTITIOUS BUSINESS NAME STATEMENT FILE NO. 2015-042946
The following person(s) is (are) doing business as: VANESSA TEXTILES, 744 E. 9th ST., L.A., CA 90021. Full name of registrant(s) is (are) ROSENDA SIERRA, 744 E. 9th ST., L.A., CA 90021. This Business is conducted by: AN INDIVIDUAL. Signed: ROSENDA SIERRA. This statement was filed with the County Clerk of Los Angeles County on 02/20/2015. The registrant(s) has (have) commenced to transact business under the fictitious business name or names listed above on N/A. NOTICE- This Fictitious Name Statement expires five years from the date it was filed in the office of the County Clerk. A new Fictitious Business Name Statement must be filed prior to that date. The filing of this statement does not of itself authorize the use in this state of a Fictitious Business Name in violation of the rights of another under Federal, State, or common law (See section 14411 et. seq. Business and Professions Code)Publish: Mountain Views News
Dates Pub: Feb. 21, 28, March 07, 14, 2015
FICTITIOUS BUSINESS NAME STATEMENT FILE NO. 2015-040033
The following person(s) is (are) doing business as: WANAMAKER LEARNING CENTER, 1554 E. WANAMAKER DR., COVINA, CA 91724. Full name of registrant(s) is (are) MAUREEN STACEY MARQUEZ, 1554 E. WANAMAKER DR., COVINA, CA 91724. This Business is conducted by: AN INDIVIDUAL. Signed: MAUREEN STACEY MARQUEZ. This statement was filed with the County Clerk of Los Angeles County on 02/12/2015. The registrant(s) has (have) commenced to transact business under the fictitious business name or names listed above on N/A. NOTICE- This Fictitious Name Statement expires five years from the date it was filed in the office of the County Clerk. A new Fictitious Business Name Statement must be filed prior to that date. The filing of this statement does not of itself authorize the use in this state of a Fictitious Business Name in violation of the rights of another under Federal, State, or common law (See section 14411 et. seq. Business and Professions Code)Publish: Mountain Views News
Dates Pub: Feb. 21, 28, March 07, 14, 2015
FICTITIOUS BUSINESS NAME STATEMENT FILE NO. 2015-043790
The following person(s) is (are) doing business as: WE BEAUTY SALON, 1900 GAGE AVE. #C14, L.A., CA 90001. Full name of registrant(s) is (are) MARIA DEL CARMEN VILLANUEVA, 1900 GAGE AVE. #C14, L.A., CA 90001. This Business is conducted by: AN INDIVIDUAL. Signed: MARIA DEL CARMEN VILLANUEVA. This statement was filed with the County Clerk of Los Angeles County on 02/20/2015. The registrant(s) has (have) commenced to transact business under the fictitious business name or names listed above on N/A. NOTICE- This Fictitious Name Statement expires five years from the date it was filed in the office of the County Clerk. A new Fictitious Business Name Statement must be filed prior to that date. The filing of this statement does not of itself authorize the use in this state of a Fictitious Business Name in violation of the rights of another under Federal, State, or common law (See section 14411 et. seq. Business and Professions Code)Publish: Mountain Views News
Dates Pub: Feb. 21, 28, March 07, 14, 2015
FICTITIOUS BUSINESS NAME STATEMENT FILE NO. 2015-041801
The following person(s) is (are) doing business as: WEDDING & PARTY PLANNER, 1900 E. GAGE AVE. #14, L.A., CA 90001. Full name of registrant(s) is (are) MARIA VALENZUELA, 1900 E. GAGE AVE. #14, L.A., CA 90001. This Business is conducted by: AN INDIVIDUAL. Signed: MARIA VALENZUELA. This statement was filed with the County Clerk of Los Angeles County on 02/19/2015. The registrant(s) has (have) commenced to transact business under the fictitious business name or names listed above on N/A. NOTICE- This Fictitious Name Statement expires five years from the date it was filed in the office of the County Clerk. A new Fictitious Business Name Statement must be filed prior to that date. The filing of this statement does not of itself authorize the use in this state of a Fictitious Business Name in violation of the rights of another under Federal, State, or common law (See section 14411 et. seq. Business and Professions Code)Publish: Mountain Views News
Dates Pub: Feb. 21, 28, March 07, 14, 2015
FICTITIOUS BUSINESS NAME STATEMENT FILE NO. 2015-042039
The following person(s) is (are) doing business as: MI MUSIQUE, WE MUSIC, ONE WORLD TRADE CENTER STE. 800, LONG BEACH, CA 90831. Full name of registrant(s) is (are) JUDY LIN, 713 W. DUARTE RD. UNIT G-424, ARCADIA, CA 91007. This Business is conducted by: AN INDIVIDUAL. Signed: JUDY LIN. This statement was filed with the County Clerk of Los Angeles County on 02/19/2015. The registrant(s) has (have) commenced to transact business under the fictitious business name or names listed above on N/A. NOTICE- This Fictitious Name Statement expires five years from the date it was filed in the office of the County Clerk. A new Fictitious Business Name Statement must be filed prior to that date. The filing of this statement does not of itself authorize the use in this state of a Fictitious Business Name in violation of the rights of another under Federal, State, or common law (See section 14411 et. seq. Business and Professions Code)Publish: Mountain Views News
Dates Pub: Feb. 21, 28, March 07, 14, 2015
FILE NO. 2015-043531 STATEMENT OF ABANDONMENT OF USE OF FICTITIOUS BUSINESS NAME
The following person(s) has (have) abandoned the use of the fictitious business name: GLOBEX STATE APPLIANCE SERVICE, 2255 W. ORANGE GROVE AVE., POMONA, CA 91768. The fictitious business name referred to above was filed on 07/27/2012 in the county of Los Angeles. The original file number of 2012167431. The business was conducted by: AN INDIVIDUAL. This statement was filed with the County Clerk of Los Angeles County on 02/23/2015. SIGNED: RUBEN ANDRADE.
Dates Pub: Feb. 21, 28, March 07, 14, 2015
FILE NO. 2015-043900 STATEMENT OF ABANDONMENT OF USE OF FICTITIOUS BUSINESS NAME
The following person(s) has (have) abandoned the use of the fictitious business name: CORNUCOPIA, 817 N. AVALON BLVD., WILMINGTON, CA 90744. The fictitious business name referred to above was filed on...
WORLD DANCE, 817 N. AVALON BLVD., WILMINGTON, CA 90744. The fictitious business name referred to above was filed on 01/07/2014 in the county of Los Angeles. The original file number of 2014018218. The business was conducted by: CO-PARTNERS. This statement was filed with the County Clerk of Los Angeles County on 02/19/2015. I declare that all information in this statement is true and correct. (A registrant who declares as true information which he or she knows to be false is guilty of a crime.) SIGNED: ANTHONY CARRANZA, PARTNER. Publish: Mountain Views News
Dates Pub: Feb. 21, 28, March 07, 14, 2015
FICTITIOUS BUSINESS NAME STATEMENT FILE NO. 2015-036156
The following person(s) is (are) doing business as: ANDY PAINTING, 1944 VALDEZ ST., WINNETKA, CA 91306. Full name of registrant(s) is (are) ROSA I. GALVEZ, 19944 VALDEZ ST., WINNETKA, CA 91306. This Business is conducted by: AN INDIVIDUAL. Signed: ROSA I. GALVEZ. This statement was filed with the County Clerk of Los Angeles County on 02/10/2015. The registrant(s) has (have) commenced to transact business under the fictitious business name or names listed above on N/A. NOTICE- This Fictitious Name Statement expires five years from the date it was filed in the office of the County Clerk. A new Fictitious Business Name Statement must be filed prior to that date. The filing of this statement does not of itself authorize the use in this state of a Fictitious Business Name in violation of the rights of another under Federal, State, or common law (See section 14411 et. seq. Business and Professions Code)Publish: Mountain Views News
Dates Pub: Feb. 14, 21, 28, March 07, 2015
FICTITIOUS BUSINESS NAME STATEMENT FILE NO. 2015-035146
The following person(s) is (are) doing business as: AIRBAWARE, 235 S. MAPLE AVE. UNIT D, MONTEBELLO, CA 90640. Full name of registrant(s) is (are) JORGE A. PINEDA MARTINEZ, 235 S. MAPLE AVE. UNIT D, MONTEBELLO, CA 90640. This Business is conducted by: AN INDIVIDUAL. Signed: JORGE A. PINEDA MARTINEZ. This statement was filed with the County Clerk of Los Angeles County on 02/09/2015. The registrant(s) has (have) commenced to transact business under the fictitious business name or names listed above on N/A. NOTICE- This Fictitious Name Statement expires five years from the date it was filed in the office of the County Clerk. A new Fictitious Business Name Statement must be filed prior to that date. The filing of this statement does not of itself authorize the use in this state of a Fictitious Business Name in violation of the rights of another under Federal, State, or common law (See section 14411 et. seq. Business and Professions Code)Publish: Mountain Views News
Dates Pub: Feb. 14, 21, 28, March 07, 2015
FICTITIOUS BUSINESS NAME STATEMENT FILE NO. 2015-037157
The following person(s) is (are) doing business as: ALPHAIATIELECTOPEDIC, APPLAPPREL, 8099 E. FAIRBROOK ST., LONG BEACH, CA 90815. Full name of registrant(s) is (are) NICHOLAS MELGAR, 8099 E. FAIRBROOK ST., LONG BEACH, CA 90815. This Business is conducted by: AN INDIVIDUAL. Signed: NICHOLAS MELGAR. This statement was filed with the County Clerk of Los Angeles County on 02/11/2015. The registrant(s) has (have) commenced to transact business under the fictitious business name or names listed above on N/A. NOTICE- This Fictitious Name Statement expires five years from the date it was filed in the office of the County Clerk. A new Fictitious Business Name Statement must be filed prior to that date. The filing of this statement does not of itself authorize the use in this state of a Fictitious Business Name in violation of the rights of another under Federal, State, or common law (See section 14411 et. seq. Business and Professions Code)Publish: Mountain Views News
Dates Pub: Feb. 14, 21, 28, March 07, 2015
FICTITIOUS BUSINESS NAME STATEMENT FILE NO. 2015-035061
The following person(s) is (are) doing business as: ANDRE ANDREI & MORGAN, 785 E. VALLEY BLVD. #228, SAN GABRIEL, CA 91776. Full name of registrant(s) is (are) FRANK HAI CHAO, 785 E. VALLEY BLVD. #228, SAN GABRIEL, CA 91776. This Business is conducted by: AN INDIVIDUAL. Signed: FRANK HAI CHAO. This statement was filed with the County Clerk of Los Angeles County on 02/09/2015. The registrant(s) has (have) commenced to transact business under the fictitious business name or names listed above on N/A. NOTICE- This Fictitious Name Statement expires five years from the date it was filed in the office of the County Clerk. A new Fictitious Business Name Statement must be filed prior to that date. The filing of this statement does not of itself authorize the use in this state of a Fictitious Business Name in violation of the rights of another under Federal, State, or common law (See section 14411 et. seq. Business and Professions Code)Publish: Mountain Views News
Dates Pub: Feb. 14, 21, 28, March 07, 2015
FICTITIOUS BUSINESS NAME STATEMENT FILE NO. 2015-033339
The following person(s) is (are) doing business as: B-SMOG CHECK, 605 E. ARROW HWY. UNIT 3, GLENDORA, CA 91740. Full name of registrant(s) is (are) LEVON CHANT ABRAHAMIAN, 605 E. ARROW HWY. UNIT 3, GLENDORA, CA 91740. This Business is conducted by: AN INDIVIDUAL. Signed: LEVON CHANT ABRAHAMIAN. This statement was filed with the County Clerk of Los Angeles County on 02/06/2015. The registrant(s) has (have) commenced to transact business under the fictitious business name or names listed above on N/A. NOTICE- This Fictitious Name Statement expires five years from the date it was filed in the office of the County Clerk. A new Fictitious Business Name Statement must be filed prior to that date. The filing of this statement does not of itself authorize the use in this state of a Fictitious Business Name in violation of the rights of another under Federal, State, or common law (See section 14411 et. seq. Business and Professions Code)Publish: Mountain Views News
Dates Pub: Feb. 14, 21, 28, March 07, 2015
FICTITIOUS BUSINESS NAME STATEMENT FILE NO. 2015-035757
The following person(s) is (are) doing business as: BACKGROUNDS, 6119 SANTA FE ST. #3, L.A., CA 90058. Full name of registrant(s) is (are) ROYAL STAR SERVICES, INC., 1163 S. SANTA FE ST. #3, L.A., CA 90021. This Business is conducted by: A CORPORATION. Signed: JACOB Y. PERAN. This statement was filed with the County Clerk of Los Angeles County on 02/09/2015. The registrant(s) has (have) commenced to transact business under the fictitious business name or names listed above on N/A. NOTICE- This Fictitious Name Statement expires five years from the date it was filed in the office of the County Clerk. A new Fictitious Business Name Statement must be filed prior to that date. The filing of this statement does not of itself authorize the use in this state of a Fictitious Business Name in violation of the rights of another under Federal, State, or common law (See section 14411 et. seq. Business and Professions Code)Publish: Mountain Views News
Dates Pub: Feb. 14, 21, 28, March 07, 2015
FICTITIOUS BUSINESS NAME STATEMENT FILE NO. 2015-035782
The following person(s) is (are) doing business as: BEST CAR WASH, 8529 ROSEMEAD BLVD., PICO RIVERA, CA 90660. Full name of registrant(s) is (are) MASOOD POURAVAN, 8529 ROSEMEAD BLVD., PICO RIVERA, CA 90660. This Business is conducted by: CO-PARTNERS. Signed: MASOOD POURAVAN. This statement was filed with the County Clerk of Los Angeles County on 02/06/2015. The registrant(s) has (have) commenced to transact business under the fictitious business name or names listed above on N/A. NOTICE- This Fictitious Name Statement expires five years from the date it was filed in the office of the County Clerk. A new Fictitious Business Name Statement must be filed prior to that date. The filing of this statement does not of itself authorize the use in this state of a Fictitious Business Name in violation of the rights of another under Federal, State, or common law (See section 14411 et. seq. Business and Professions Code)Publish: Mountain Views News
Dates Pub: Feb. 14, 21, 28, March 07, 2015
FICTITIOUS BUSINESS NAME STATEMENT FILE NO. 2015-037367
The following person(s) is (are) doing business as: BENDITO AUTO DETAIL, 101 N. CITRUS AVE. STE 2E, COVINA, CA 91723. Full name of registrant(s) is (are) BELINDA MACIAS, 731 N. ESPERIE WAY, COVINA, CA 91722. This Business is conducted by: AN INDIVIDUAL. Signed: BELINDA MACIAS. This statement was filed with the County Clerk of Los Angeles County on 02/11/2015. The registrant(s) has (have) commenced to transact business under the fictitious business name or names listed above on N/A. NOTICE- This Fictitious Name Statement expires five years from the date it was filed in the office of the County Clerk. A new Fictitious Business Name Statement must be filed prior to that date. The filing of this statement does not of itself authorize the use in this state of a Fictitious Business Name in violation of the rights of another under Federal, State, or common law (See section 14411 et. seq. Business and Professions Code)Publish: Mountain Views News
Dates Pub: Feb. 14, 21, 28, March 07, 2015
FICTITIOUS BUSINESS NAME STATEMENT FILE NO. 2015-036434
The following person(s) is (are) doing business as: CAESAR'S TAXES, 1317 S. BROADWAY #3, L.A., CA 90015. Full name of registrant(s) is (are) HAYDEE LOPEZ, 1317 S. BROADWAY #3, L.A., CA 90015. This Business is conducted by: AN INDIVIDUAL. Signed: HAYDEE LOPEZ. This statement was filed with the County Clerk of Los Angeles County on 02/10/2015. The registrant(s) has (have) commenced to transact business under the fictitious business name or names listed above on N/A. NOTICE- This Fictitious Name Statement expires five years from the date it was filed in the office of the County Clerk. A new Fictitious Business Name Statement must be filed prior to that date. The filing of this statement does not of itself authorize the use in this state of a Fictitious Business Name in violation of the rights of another under Federal, State, or common law (See section 14411 et. seq. Business and Professions Code)Publish: Mountain Views News
Dates Pub: Feb. 14, 21, 28, March 07, 2015
FICTITIOUS BUSINESS NAME STATEMENT FILE NO. 2015-034860
The following person(s) is (are) doing business as: CENTURY MULTY SERVICE, 1641 E. KINGSLEY AVE. #25, POMONA, CA 91767. Full name of registrant(s) is (are) CORNELL HALL, 1641 E. KINGSLEY AVE. #25, POMONA, CA 91767, SUSAN WONG, 1641 E. KINGSLEY AVE. #25, POMONA, CA 91767. This Business is conducted by: A MARRIED COUPLE. Signed: CORNELL HALL. This statement was filed with the County Clerk of Los Angeles County on 02/06/2015.
Mountain Views News 80 W Sierra Madre Blvd. No. 327 Sierra Madre, Ca. 91024 Office: 626.355.2737 Fax: 626.609.3285 Email: editor@mtnviewsnews.com Website: www.mtnviewsnews.com
